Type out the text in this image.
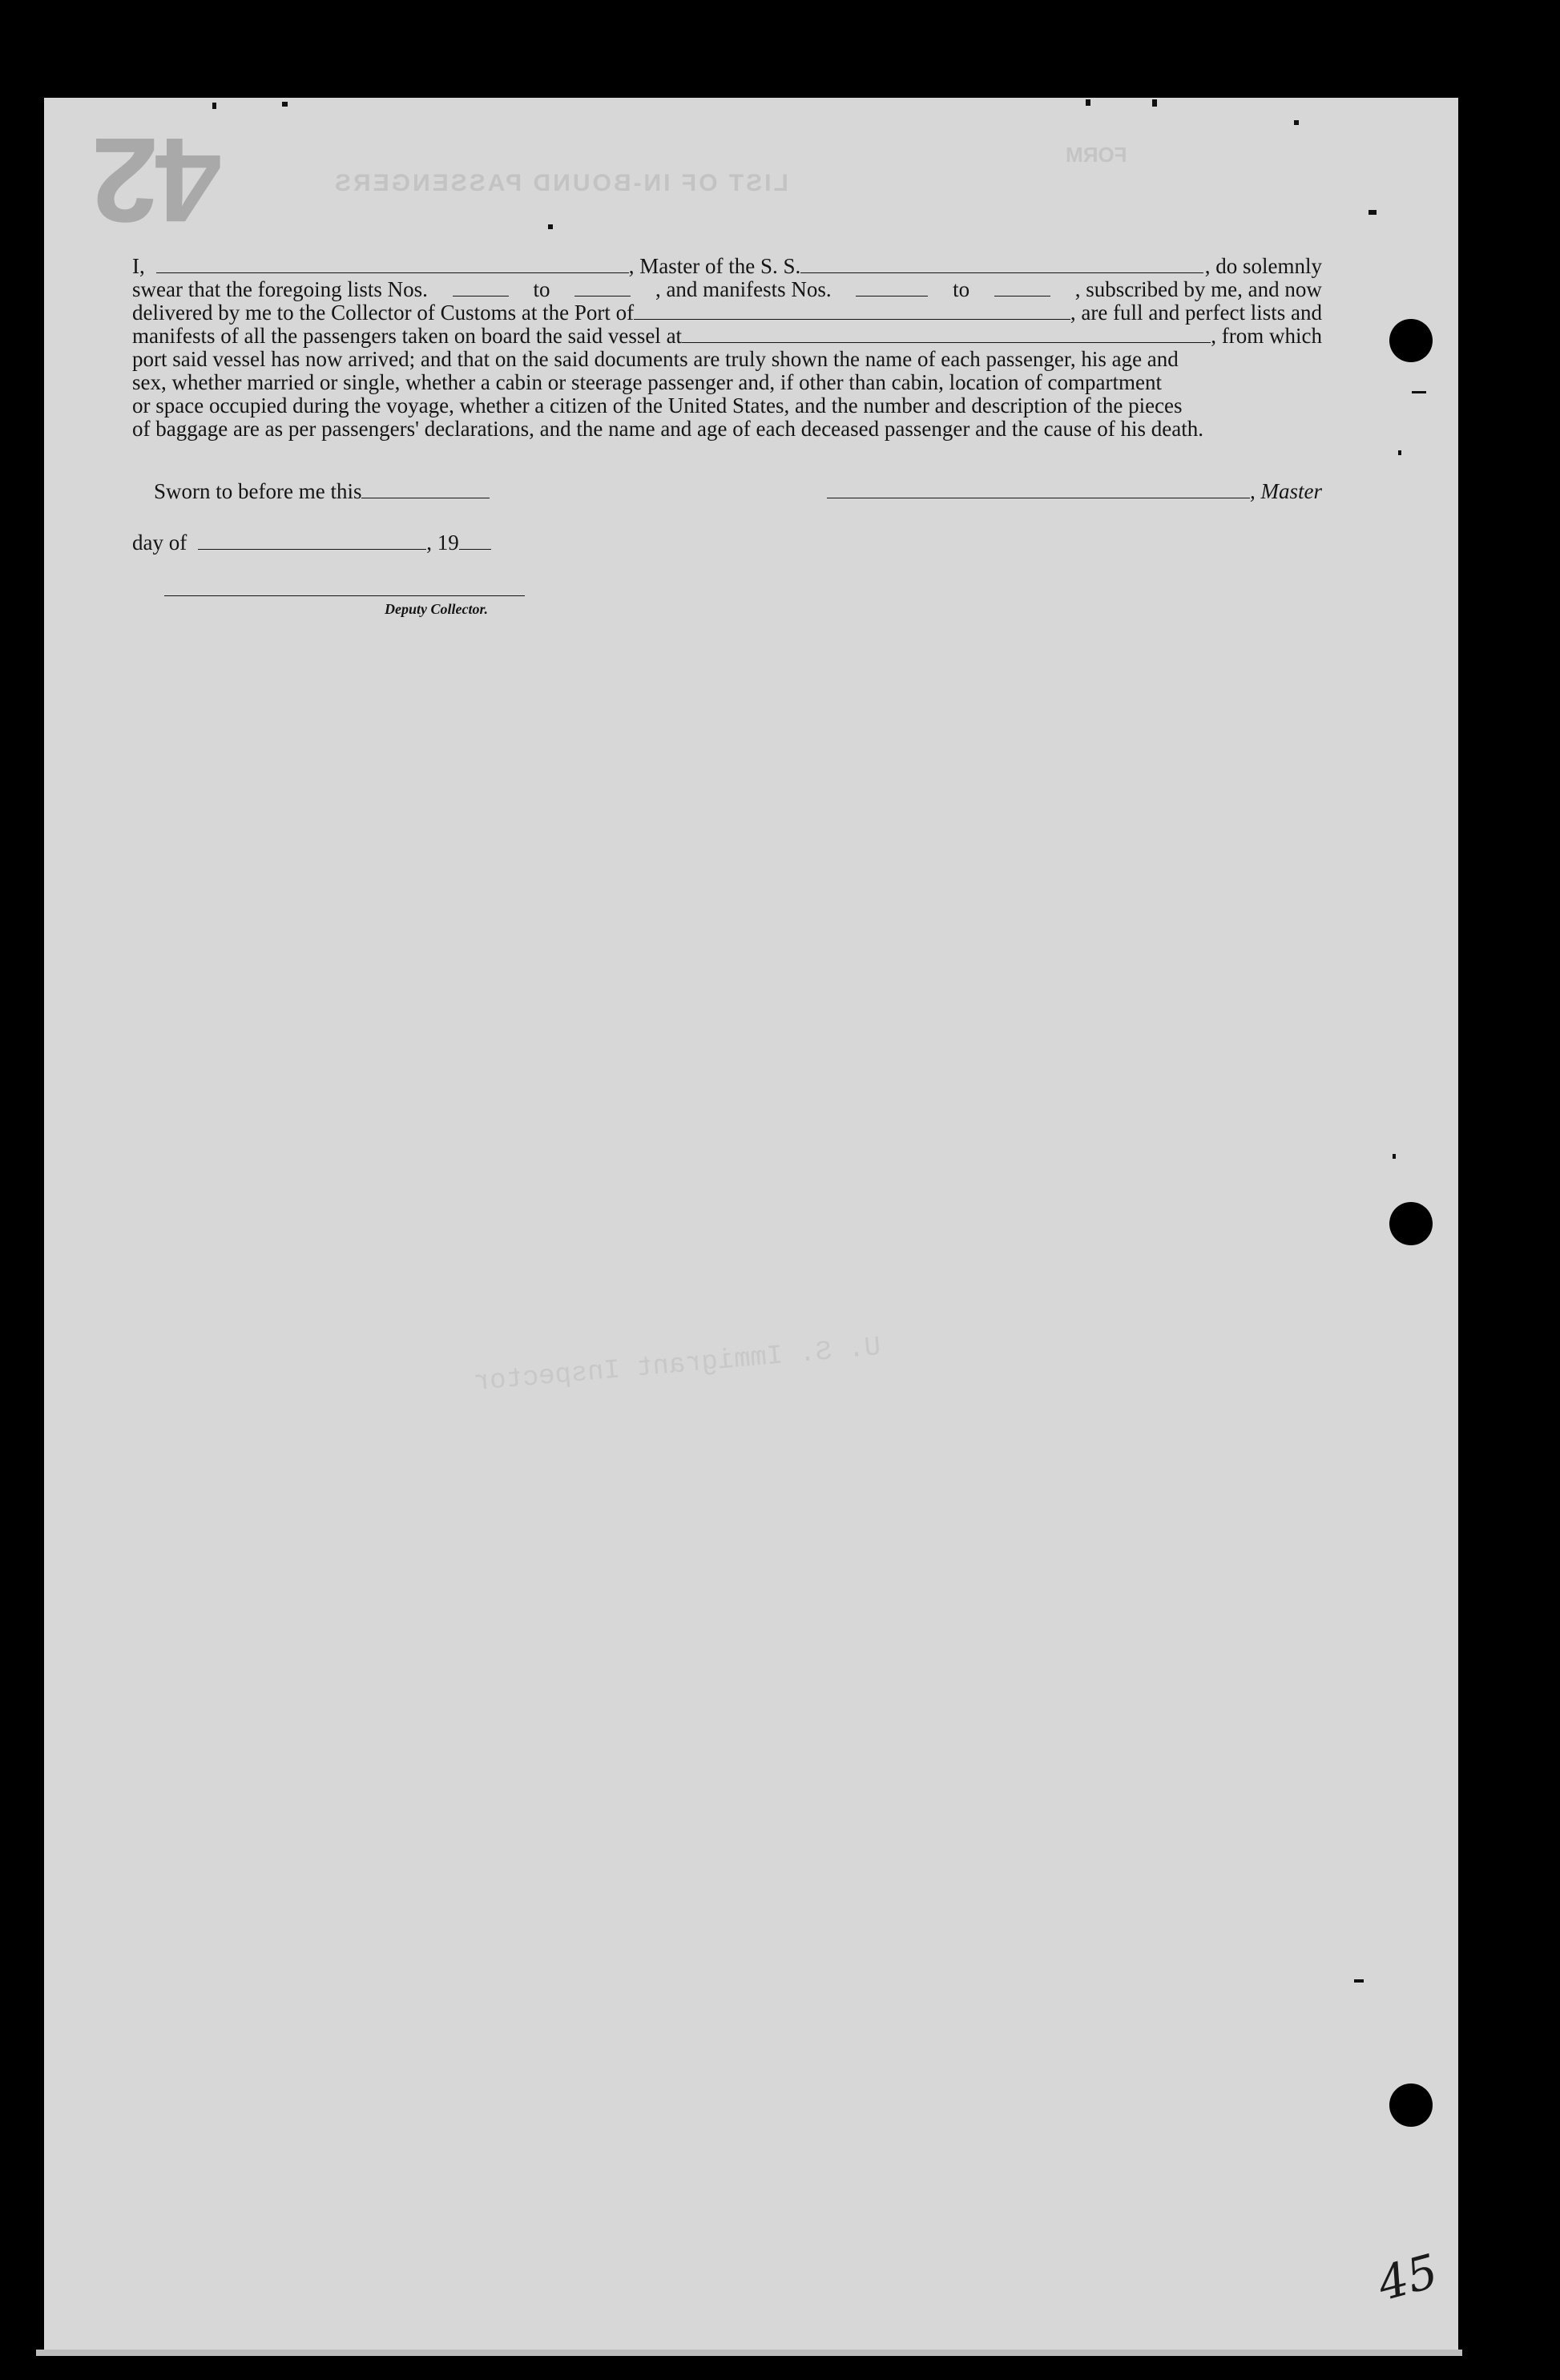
42	LIST OF IN-BOUND PASSENGERS
FORM
U. S. Immigrant Inspector
I,	, Master of the S. S.	, do solemnly
swear that the foregoing lists Nos.	to	, and manifests Nos.	to	, subscribed by me, and now
delivered by me to the Collector of Customs at the Port of	, are full and perfect lists and
manifests of all the passengers taken on board the said vessel at	, from which
port said vessel has now arrived; and that on the said documents are truly shown the name of each passenger, his age and
sex, whether married or single, whether a cabin or steerage passenger and, if other than cabin, location of compartment
or space occupied during the voyage, whether a citizen of the United States, and the number and description of the pieces
of baggage are as per passengers' declarations, and the name and age of each deceased passenger and the cause of his death.
Sworn to before me this	, Master
day of	, 19
Deputy Collector.
45
